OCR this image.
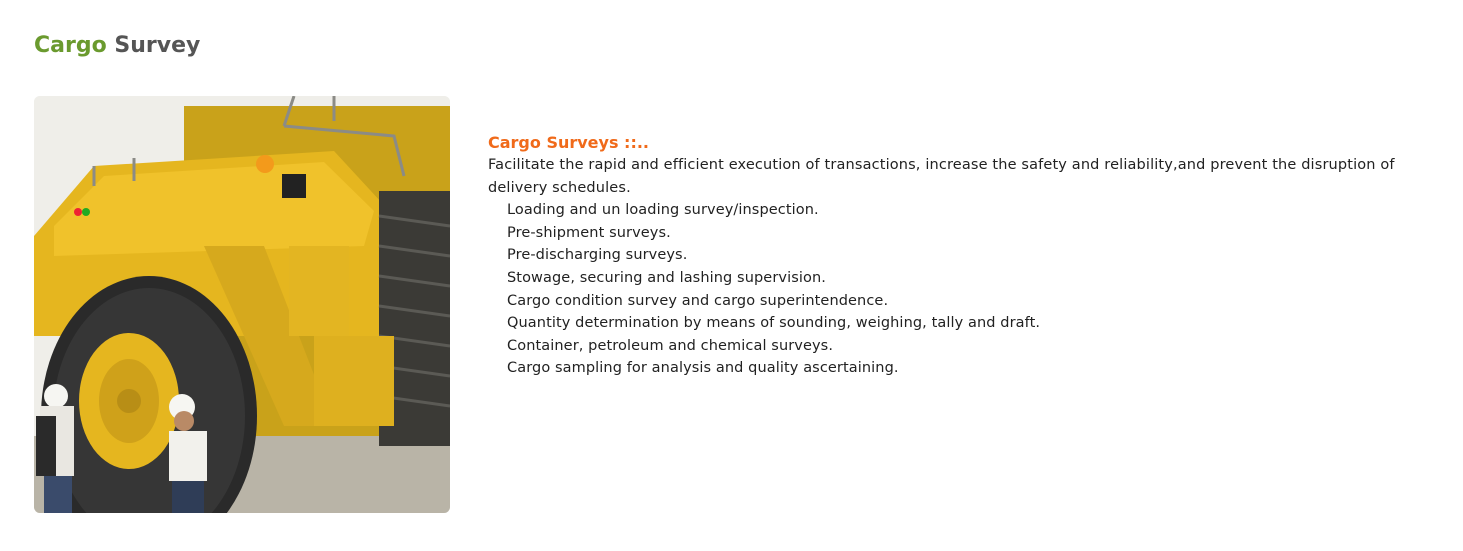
Cargo Survey
Cargo Surveys ::..

Facilitate the rapid and efficient execution of transactions, increase the safety and reliability,and prevent the disruption of delivery schedules.

Loading and un loading survey/inspection.
Pre-shipment surveys.
Pre-discharging surveys.
Stowage, securing and lashing supervision.
Cargo condition survey and cargo superintendence.
Quantity determination by means of sounding, weighing, tally and draft.
Container, petroleum and chemical surveys.
Cargo sampling for analysis and quality ascertaining.
